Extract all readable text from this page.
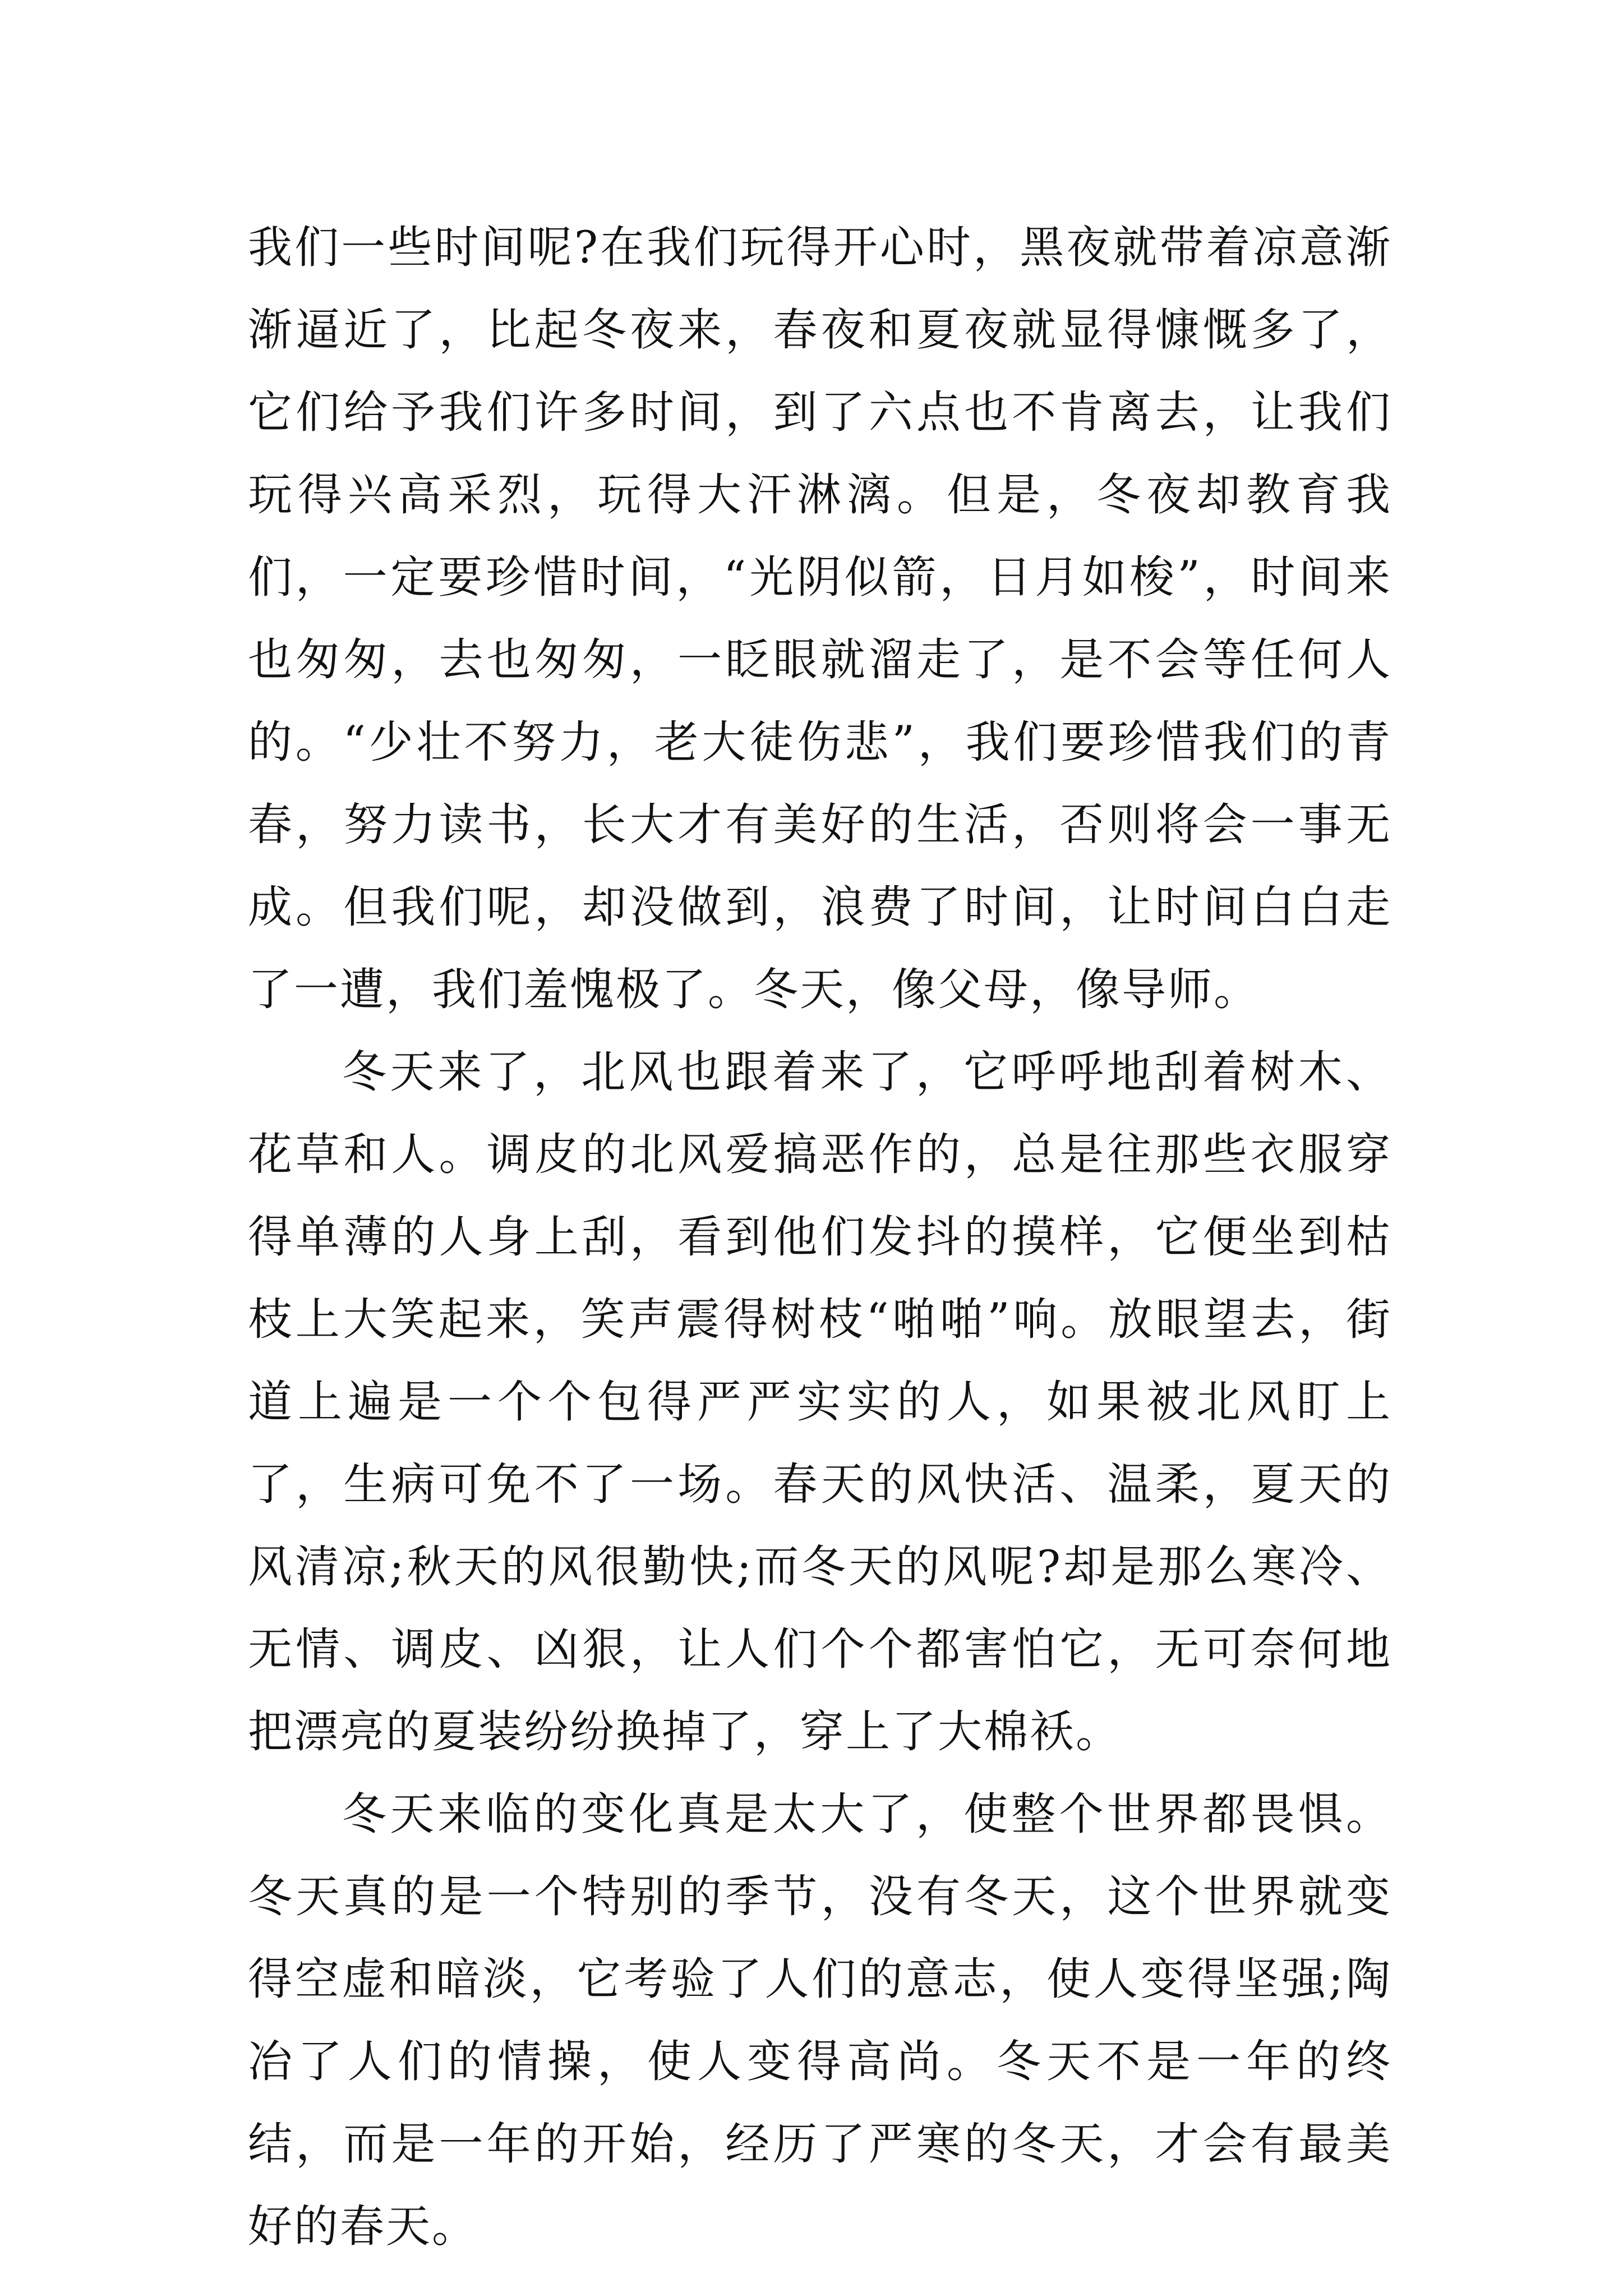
我们一些时间呢?在我们玩得开心时，黑夜就带着凉意渐渐逼近了，比起冬夜来，春夜和夏夜就显得慷慨多了，它们给予我们许多时间，到了六点也不肯离去，让我们玩得兴高采烈，玩得大汗淋漓。但是，冬夜却教育我们，一定要珍惜时间，“光阴似箭，日月如梭”，时间来也匆匆，去也匆匆，一眨眼就溜走了，是不会等任何人的。“少壮不努力，老大徒伤悲”，我们要珍惜我们的青春，努力读书，长大才有美好的生活，否则将会一事无成。但我们呢，却没做到，浪费了时间，让时间白白走了一遭，我们羞愧极了。冬天，像父母，像导师。

冬天来了，北风也跟着来了，它呼呼地刮着树木、花草和人。调皮的北风爱搞恶作的，总是往那些衣服穿得单薄的人身上刮，看到他们发抖的摸样，它便坐到枯枝上大笑起来，笑声震得树枝“啪啪”响。放眼望去，街道上遍是一个个包得严严实实的人，如果被北风盯上了，生病可免不了一场。春天的风快活、温柔，夏天的风清凉;秋天的风很勤快;而冬天的风呢?却是那么寒冷、无情、调皮、凶狠，让人们个个都害怕它，无可奈何地把漂亮的夏装纷纷换掉了，穿上了大棉袄。

冬天来临的变化真是太大了，使整个世界都畏惧。冬天真的是一个特别的季节，没有冬天，这个世界就变得空虚和暗淡，它考验了人们的意志，使人变得坚强;陶冶了人们的情操，使人变得高尚。冬天不是一年的终结，而是一年的开始，经历了严寒的冬天，才会有最美好的春天。
